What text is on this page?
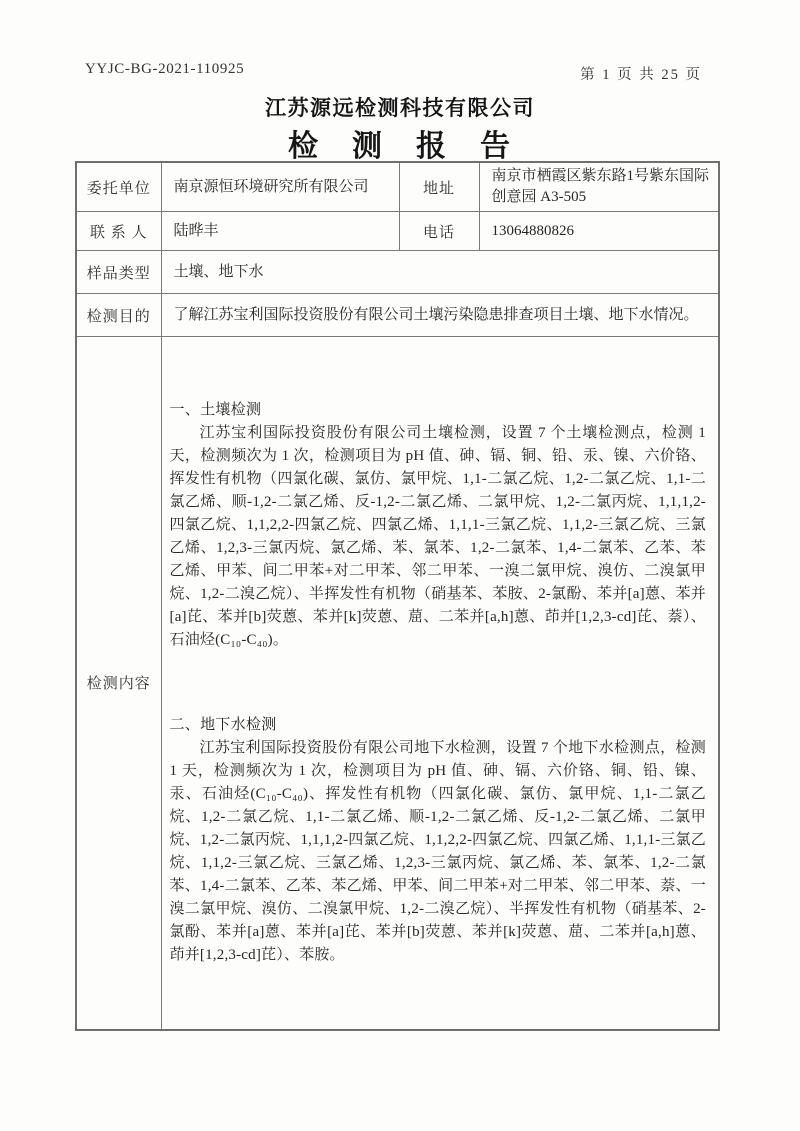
YYJC-BG-2021-110925	第 1 页 共 25 页
江苏源远检测科技有限公司
检　测　报　告
委托单位	南京源恒环境研究所有限公司	地址	南京市栖霞区紫东路1号紫东国际创意园 A3-505
联 系 人	陆晔丰	电话	13064880826
样品类型	土壤、地下水		
检测目的	了解江苏宝利国际投资股份有限公司土壤污染隐患排查项目土壤、地下水情况。		
检测内容	一、土壤检测

江苏宝利国际投资股份有限公司土壤检测，设置 7 个土壤检测点，检测 1 天，检测频次为 1 次，检测项目为 pH 值、砷、镉、铜、铅、汞、镍、六价铬、挥发性有机物（四氯化碳、氯仿、氯甲烷、1,1-二氯乙烷、1,2-二氯乙烷、1,1-二氯乙烯、顺-1,2-二氯乙烯、反-1,2-二氯乙烯、二氯甲烷、1,2-二氯丙烷、1,1,1,2-四氯乙烷、1,1,2,2-四氯乙烷、四氯乙烯、1,1,1-三氯乙烷、1,1,2-三氯乙烷、三氯乙烯、1,2,3-三氯丙烷、氯乙烯、苯、氯苯、1,2-二氯苯、1,4-二氯苯、乙苯、苯乙烯、甲苯、间二甲苯+对二甲苯、邻二甲苯、一溴二氯甲烷、溴仿、二溴氯甲烷、1,2-二溴乙烷）、半挥发性有机物（硝基苯、苯胺、2-氯酚、苯并[a]蒽、苯并[a]芘、苯并[b]荧蒽、苯并[k]荧蒽、䓛、二苯并[a,h]蒽、茚并[1,2,3-cd]芘、萘）、石油烃(C₁₀-C₄₀)。

二、地下水检测

江苏宝利国际投资股份有限公司地下水检测，设置 7 个地下水检测点，检测 1 天，检测频次为 1 次，检测项目为 pH 值、砷、镉、六价铬、铜、铅、镍、汞、石油烃(C₁₀-C₄₀)、挥发性有机物（四氯化碳、氯仿、氯甲烷、1,1-二氯乙烷、1,2-二氯乙烷、1,1-二氯乙烯、顺-1,2-二氯乙烯、反-1,2-二氯乙烯、二氯甲烷、1,2-二氯丙烷、1,1,1,2-四氯乙烷、1,1,2,2-四氯乙烷、四氯乙烯、1,1,1-三氯乙烷、1,1,2-三氯乙烷、三氯乙烯、1,2,3-三氯丙烷、氯乙烯、苯、氯苯、1,2-二氯苯、1,4-二氯苯、乙苯、苯乙烯、甲苯、间二甲苯+对二甲苯、邻二甲苯、萘、一溴二氯甲烷、溴仿、二溴氯甲烷、1,2-二溴乙烷）、半挥发性有机物（硝基苯、2-氯酚、苯并[a]蒽、苯并[a]芘、苯并[b]荧蒽、苯并[k]荧蒽、䓛、二苯并[a,h]蒽、茚并[1,2,3-cd]芘）、苯胺。		
